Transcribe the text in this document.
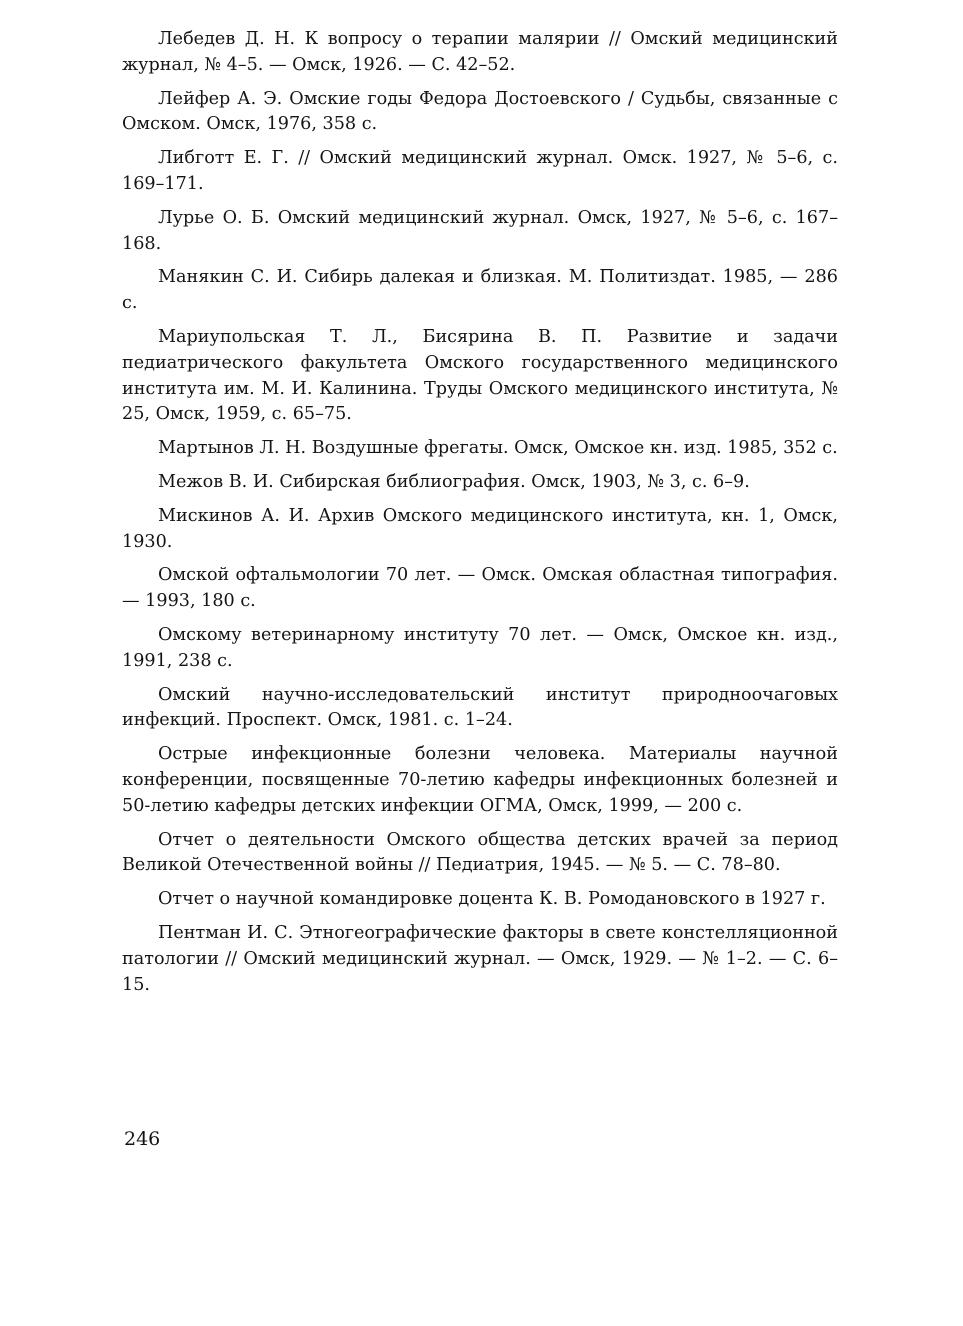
Лебедев Д. Н. К вопросу о терапии малярии // Омский медицинский журнал, № 4–5. — Омск, 1926. — С. 42–52.
Лейфер А. Э. Омские годы Федора Достоевского / Судьбы, связанные с Омском. Омск, 1976, 358 с.
Либготт Е. Г. // Омский медицинский журнал. Омск. 1927, № 5–6, с. 169–171.
Лурье О. Б. Омский медицинский журнал. Омск, 1927, № 5–6, с. 167–168.
Манякин С. И. Сибирь далекая и близкая. М. Политиздат. 1985, — 286 с.
Мариупольская Т. Л., Бисярина В. П. Развитие и задачи педиатрического факультета Омского государственного медицинского института им. М. И. Калинина. Труды Омского медицинского института, № 25, Омск, 1959, с. 65–75.
Мартынов Л. Н. Воздушные фрегаты. Омск, Омское кн. изд. 1985, 352 с.
Межов В. И. Сибирская библиография. Омск, 1903, № 3, с. 6–9.
Мискинов А. И. Архив Омского медицинского института, кн. 1, Омск, 1930.
Омской офтальмологии 70 лет. — Омск. Омская областная типография. — 1993, 180 с.
Омскому ветеринарному институту 70 лет. — Омск, Омское кн. изд., 1991, 238 с.
Омский научно-исследовательский институт природноочаговых инфекций. Проспект. Омск, 1981. с. 1–24.
Острые инфекционные болезни человека. Материалы научной конференции, посвященные 70-летию кафедры инфекционных болезней и 50-летию кафедры детских инфекции ОГМА, Омск, 1999, — 200 с.
Отчет о деятельности Омского общества детских врачей за период Великой Отечественной войны // Педиатрия, 1945. — № 5. — С. 78–80.
Отчет о научной командировке доцента К. В. Ромодановского в 1927 г.
Пентман И. С. Этногеографические факторы в свете констелляционной патологии // Омский медицинский журнал. — Омск, 1929. — № 1–2. — С. 6–15.

246
